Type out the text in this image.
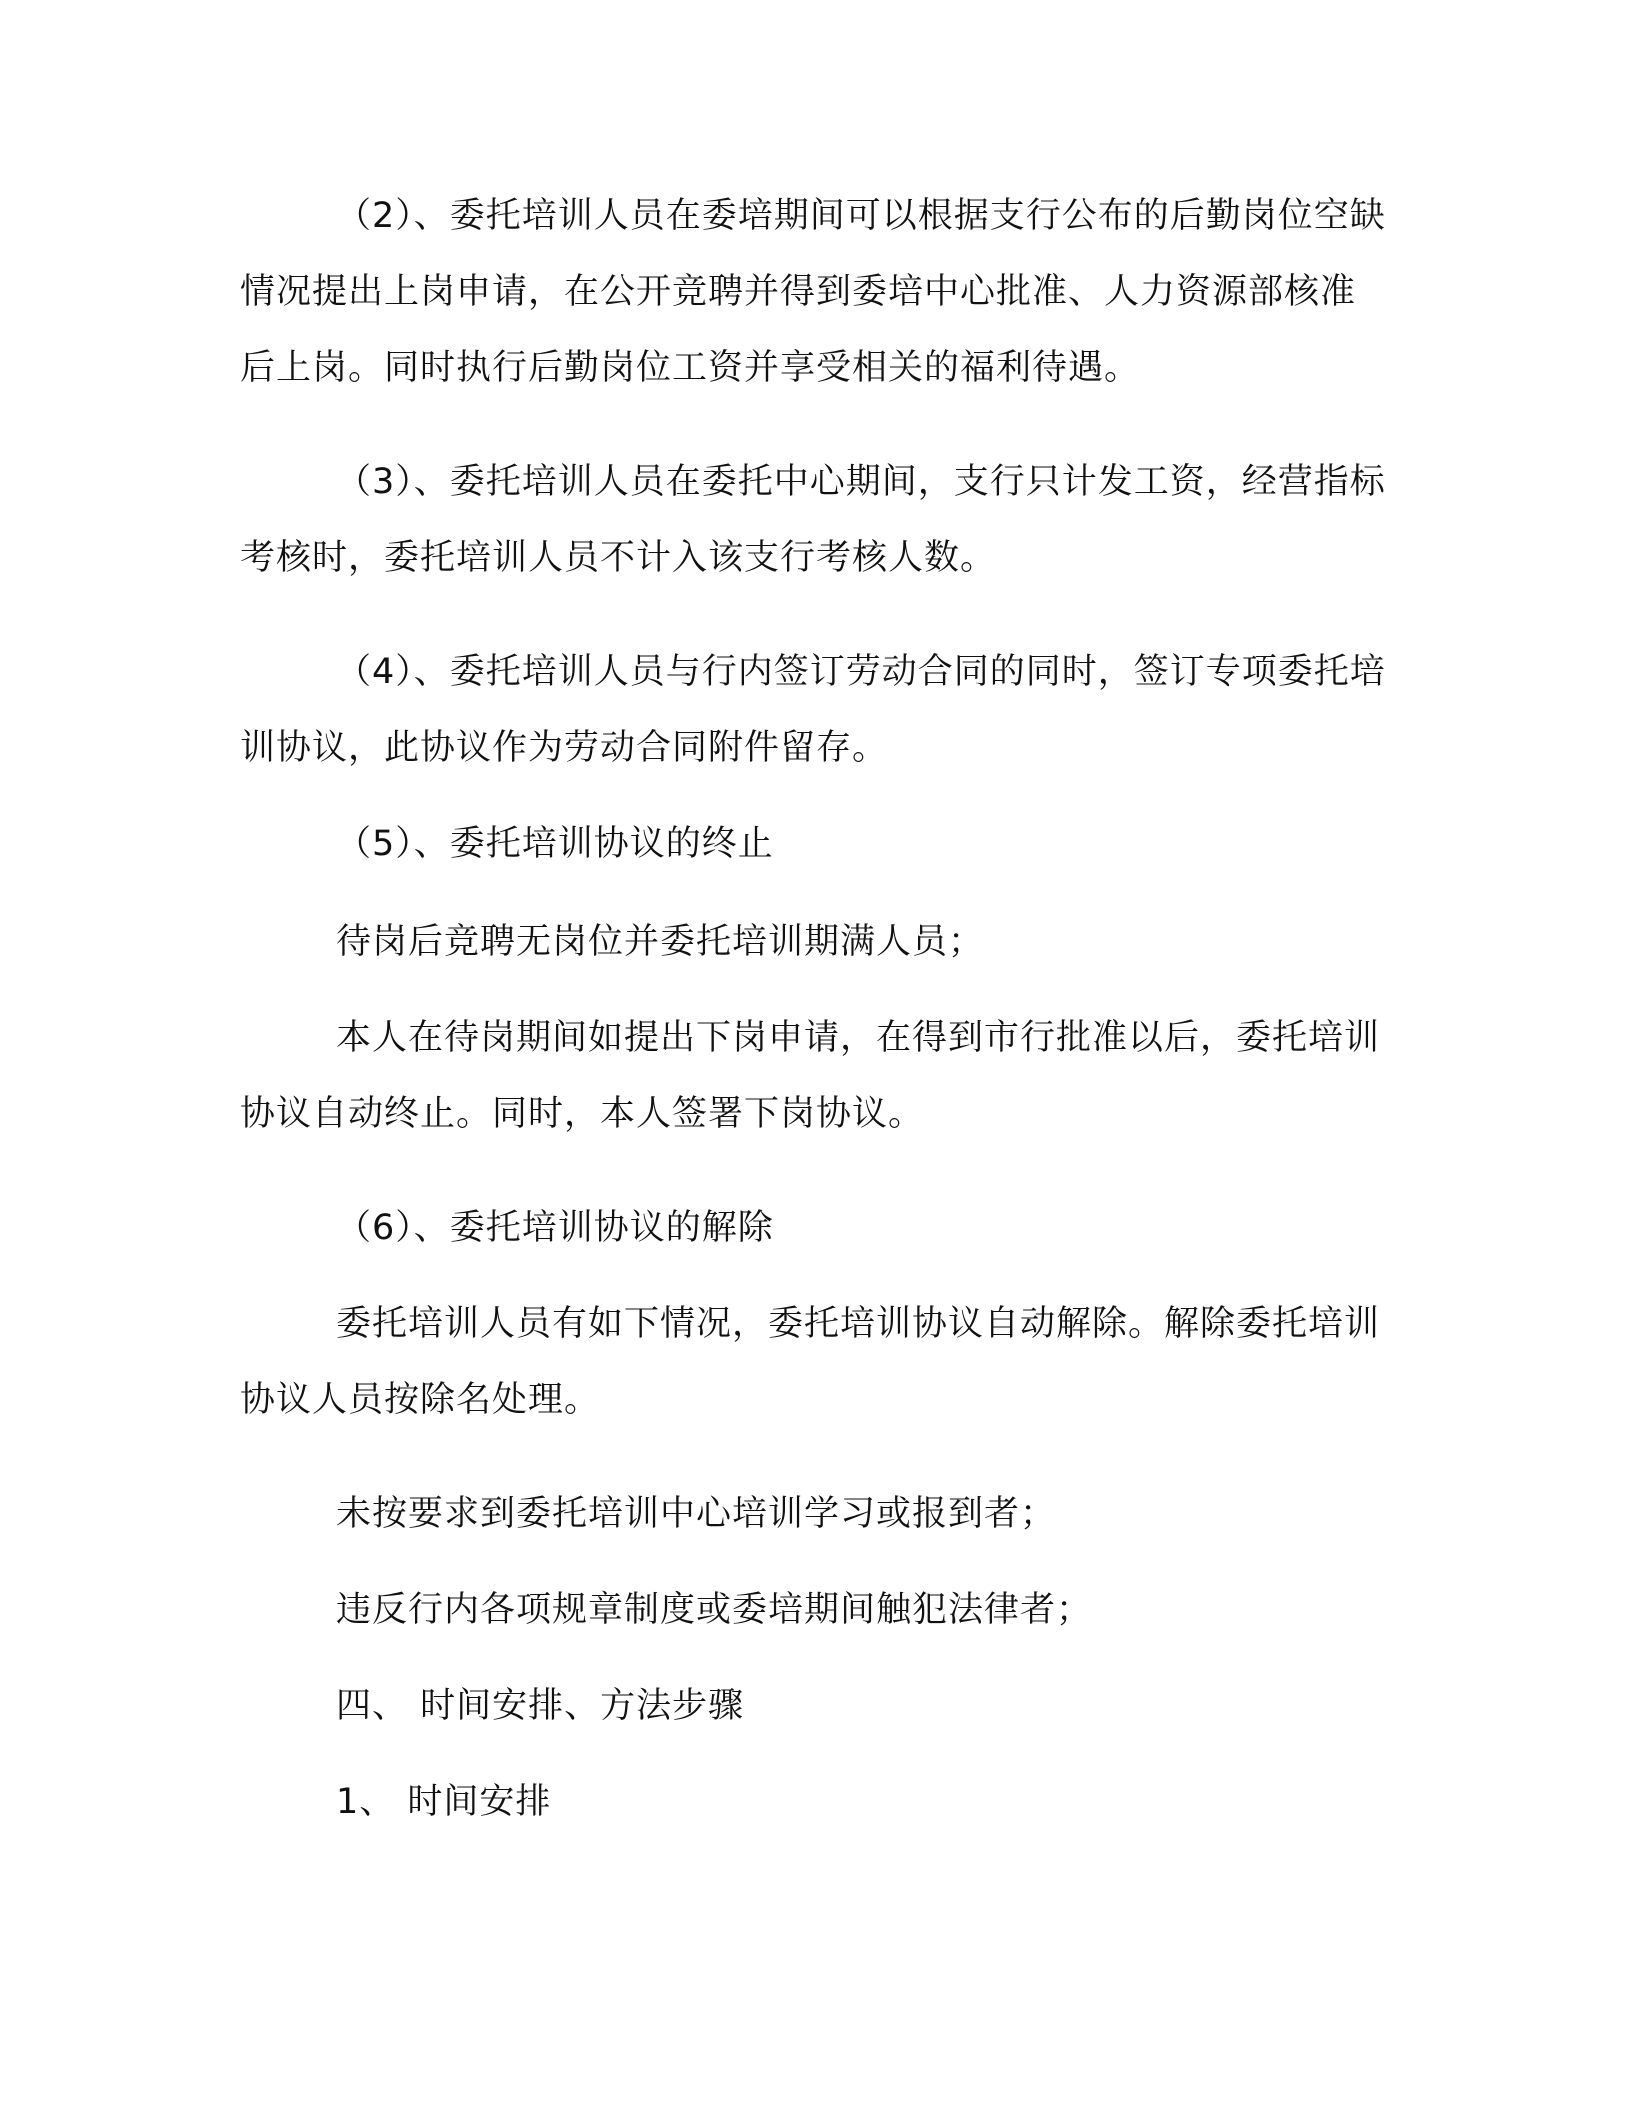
（2）、委托培训人员在委培期间可以根据支行公布的后勤岗位空缺情况提出上岗申请，在公开竞聘并得到委培中心批准、人力资源部核准后上岗。同时执行后勤岗位工资并享受相关的福利待遇。

（3）、委托培训人员在委托中心期间，支行只计发工资，经营指标考核时，委托培训人员不计入该支行考核人数。

（4）、委托培训人员与行内签订劳动合同的同时，签订专项委托培训协议，此协议作为劳动合同附件留存。

（5）、委托培训协议的终止

待岗后竞聘无岗位并委托培训期满人员；

本人在待岗期间如提出下岗申请，在得到市行批准以后，委托培训协议自动终止。同时，本人签署下岗协议。

（6）、委托培训协议的解除

委托培训人员有如下情况，委托培训协议自动解除。解除委托培训协议人员按除名处理。

未按要求到委托培训中心培训学习或报到者；

违反行内各项规章制度或委培期间触犯法律者；

四、 时间安排、方法步骤

1、 时间安排
